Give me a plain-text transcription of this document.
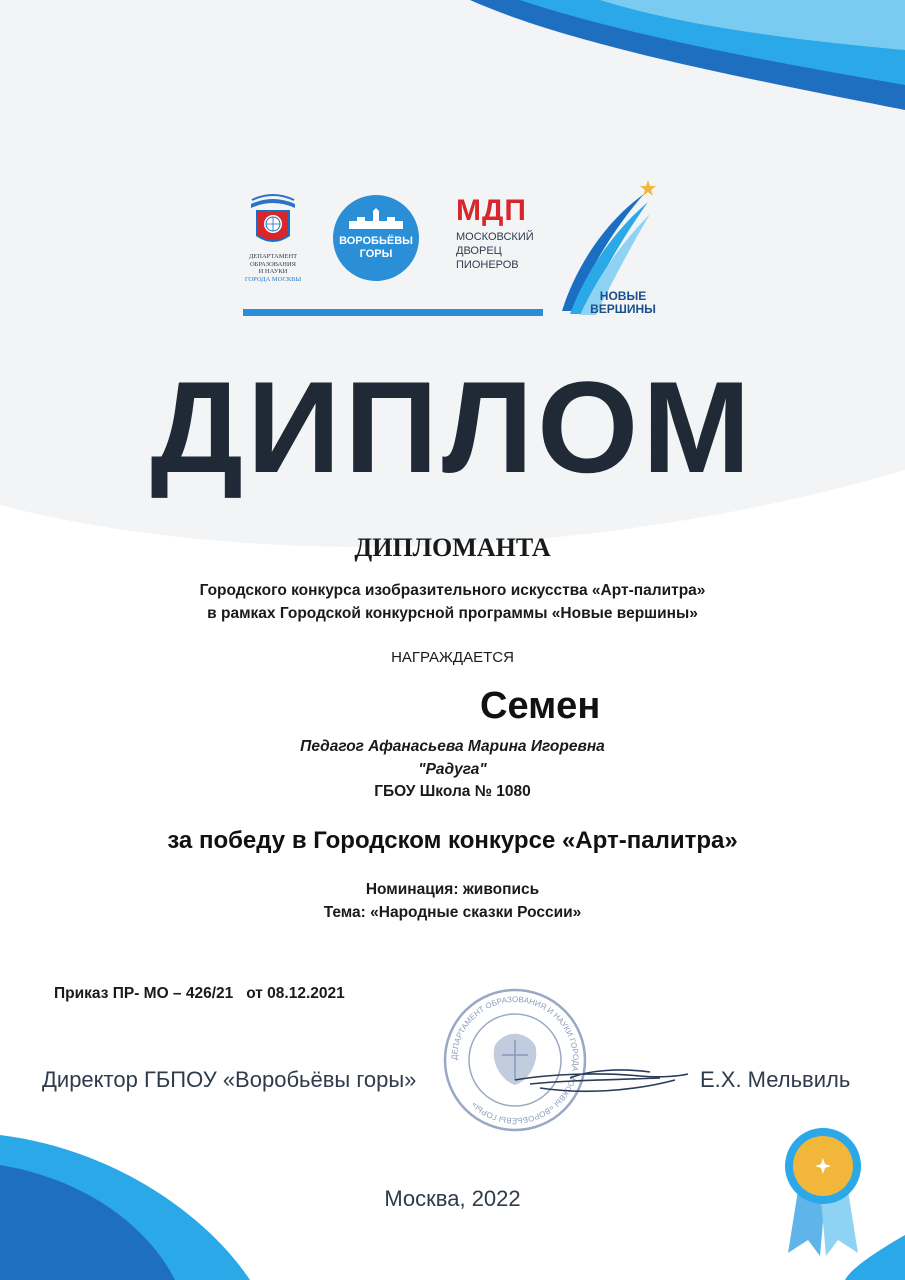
ДЕПАРТАМЕНТ
ОБРАЗОВАНИЯ
И НАУКИ
ГОРОДА МОСКВЫ
ВОРОБЬЁВЫ
ГОРЫ
МДП
МОСКОВСКИЙ
ДВОРЕЦ
ПИОНЕРОВ
НОВЫЕ
ВЕРШИНЫ
ДИПЛОМ
ДИПЛОМАНТА
Городского конкурса изобразительного искусства «Арт-палитра»
в рамках Городской конкурсной программы «Новые вершины»
НАГРАЖДАЕТСЯ
Семен
Педагог Афанасьева Марина Игоревна
"Радуга"
ГБОУ Школа № 1080
за победу в Городском конкурсе «Арт-палитра»
Номинация: живопись
Тема: «Народные сказки России»
Приказ ПР- МО – 426/21   от 08.12.2021
ДЕПАРТАМЕНТ ОБРАЗОВАНИЯ И НАУКИ ГОРОДА МОСКВЫ «ВОРОБЬЁВЫ ГОРЫ»
Директор ГБПОУ «Воробьёвы горы»	Е.Х. Мельвиль
Москва, 2022
